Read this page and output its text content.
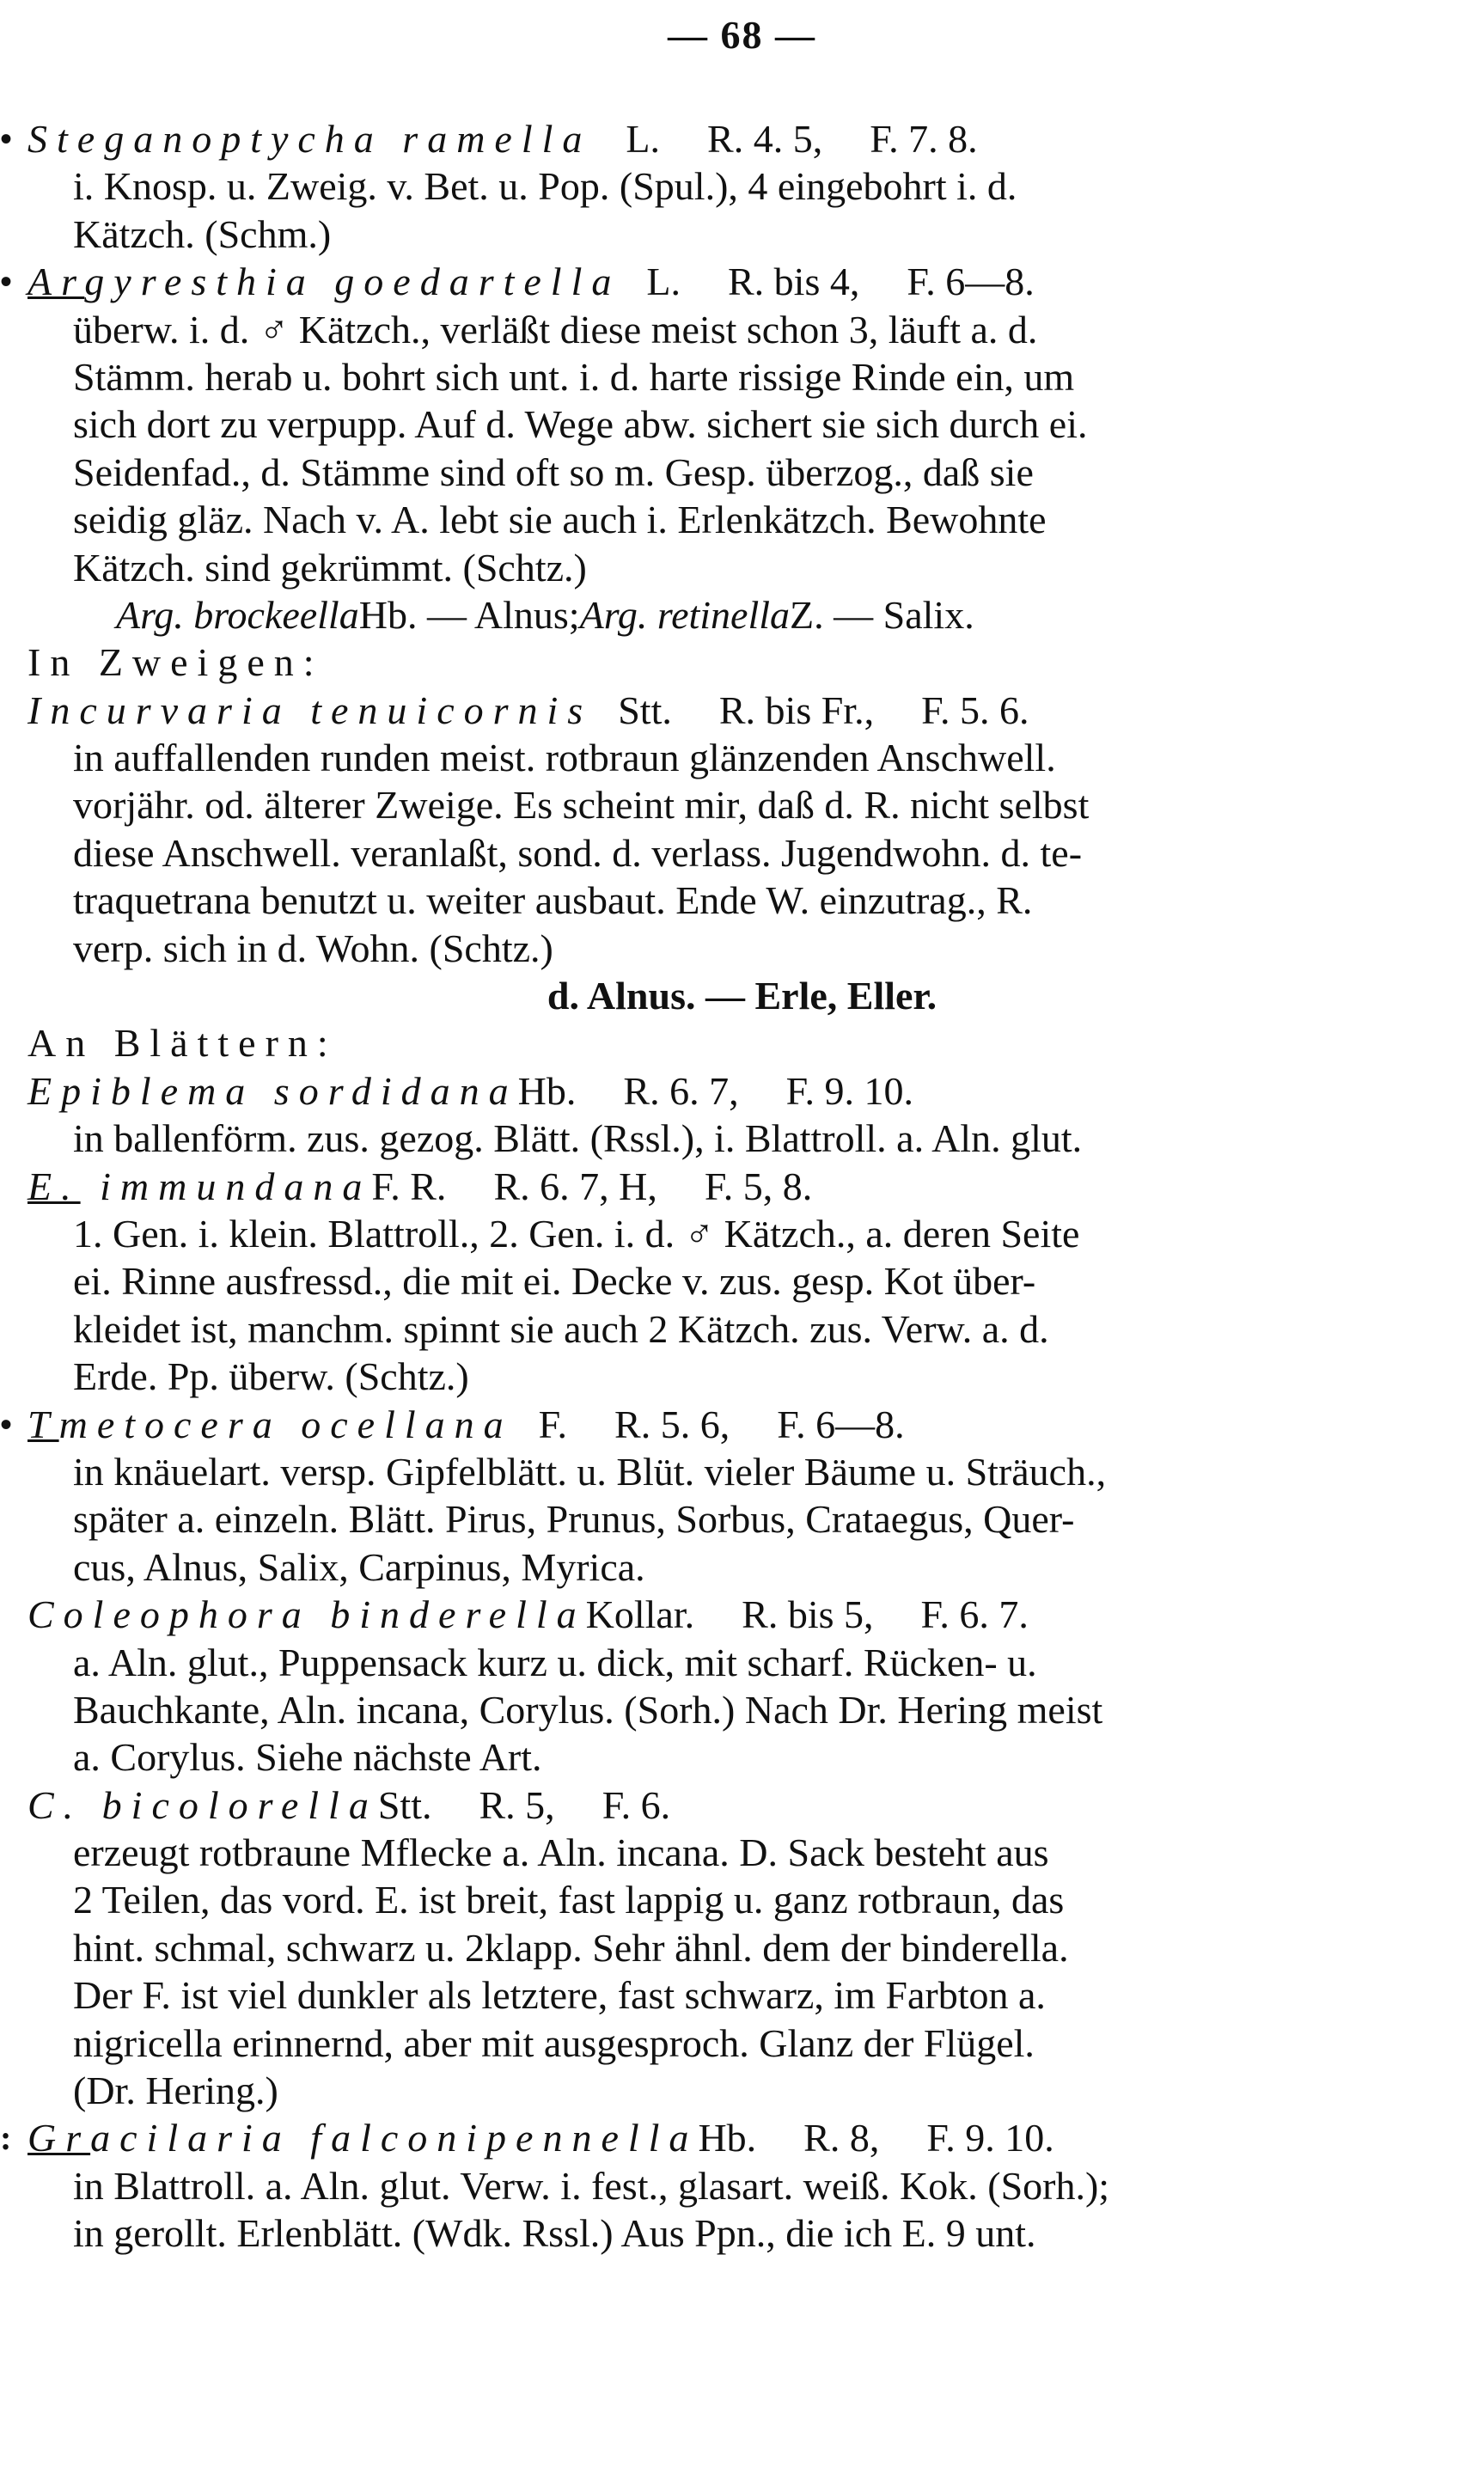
— 68 —
• Steganoptycha ramellaL. R. 4. 5, F. 7. 8.
i. Knosp. u. Zweig. v. Bet. u. Pop. (Spul.), 4 eingebohrt i. d.
Kätzch. (Schm.)
• Argyresthia goedartellaL. R. bis 4, F. 6—8.
überw. i. d. ♂ Kätzch., verläßt diese meist schon 3, läuft a. d.
Stämm. herab u. bohrt sich unt. i. d. harte rissige Rinde ein, um
sich dort zu verpupp. Auf d. Wege abw. sichert sie sich durch ei.
Seidenfad., d. Stämme sind oft so m. Gesp. überzog., daß sie
seidig gläz. Nach v. A. lebt sie auch i. Erlenkätzch. Bewohnte
Kätzch. sind gekrümmt. (Schtz.)
Arg. brockeellaHb. — Alnus;Arg. retinellaZ. — Salix.
In Zweigen:
Incurvaria tenuicornisStt. R. bis Fr., F. 5. 6.
in auffallenden runden meist. rotbraun glänzenden Anschwell.
vorjähr. od. älterer Zweige. Es scheint mir, daß d. R. nicht selbst
diese Anschwell. veranlaßt, sond. d. verlass. Jugendwohn. d. te-
traquetrana benutzt u. weiter ausbaut. Ende W. einzutrag., R.
verp. sich in d. Wohn. (Schtz.)
d. Alnus. — Erle, Eller.
An Blättern:
Epiblema sordidanaHb. R. 6. 7, F. 9. 10.
in ballenförm. zus. gezog. Blätt. (Rssl.), i. Blattroll. a. Aln. glut.
E. immundanaF. R. R. 6. 7, H, F. 5, 8.
1. Gen. i. klein. Blattroll., 2. Gen. i. d. ♂ Kätzch., a. deren Seite
ei. Rinne ausfressd., die mit ei. Decke v. zus. gesp. Kot über-
kleidet ist, manchm. spinnt sie auch 2 Kätzch. zus. Verw. a. d.
Erde. Pp. überw. (Schtz.)
• Tmetocera ocellanaF. R. 5. 6, F. 6—8.
in knäuelart. versp. Gipfelblätt. u. Blüt. vieler Bäume u. Sträuch.,
später a. einzeln. Blätt. Pirus, Prunus, Sorbus, Crataegus, Quer-
cus, Alnus, Salix, Carpinus, Myrica.
Coleophora binderellaKollar. R. bis 5, F. 6. 7.
a. Aln. glut., Puppensack kurz u. dick, mit scharf. Rücken- u.
Bauchkante, Aln. incana, Corylus. (Sorh.) Nach Dr. Hering meist
a. Corylus. Siehe nächste Art.
C. bicolorellaStt. R. 5, F. 6.
erzeugt rotbraune Mflecke a. Aln. incana. D. Sack besteht aus
2 Teilen, das vord. E. ist breit, fast lappig u. ganz rotbraun, das
hint. schmal, schwarz u. 2klapp. Sehr ähnl. dem der binderella.
Der F. ist viel dunkler als letztere, fast schwarz, im Farbton a.
nigricella erinnernd, aber mit ausgesproch. Glanz der Flügel.
(Dr. Hering.)
: Gracilaria falconipennellaHb. R. 8, F. 9. 10.
in Blattroll. a. Aln. glut. Verw. i. fest., glasart. weiß. Kok. (Sorh.);
in gerollt. Erlenblätt. (Wdk. Rssl.) Aus Ppn., die ich E. 9 unt.
